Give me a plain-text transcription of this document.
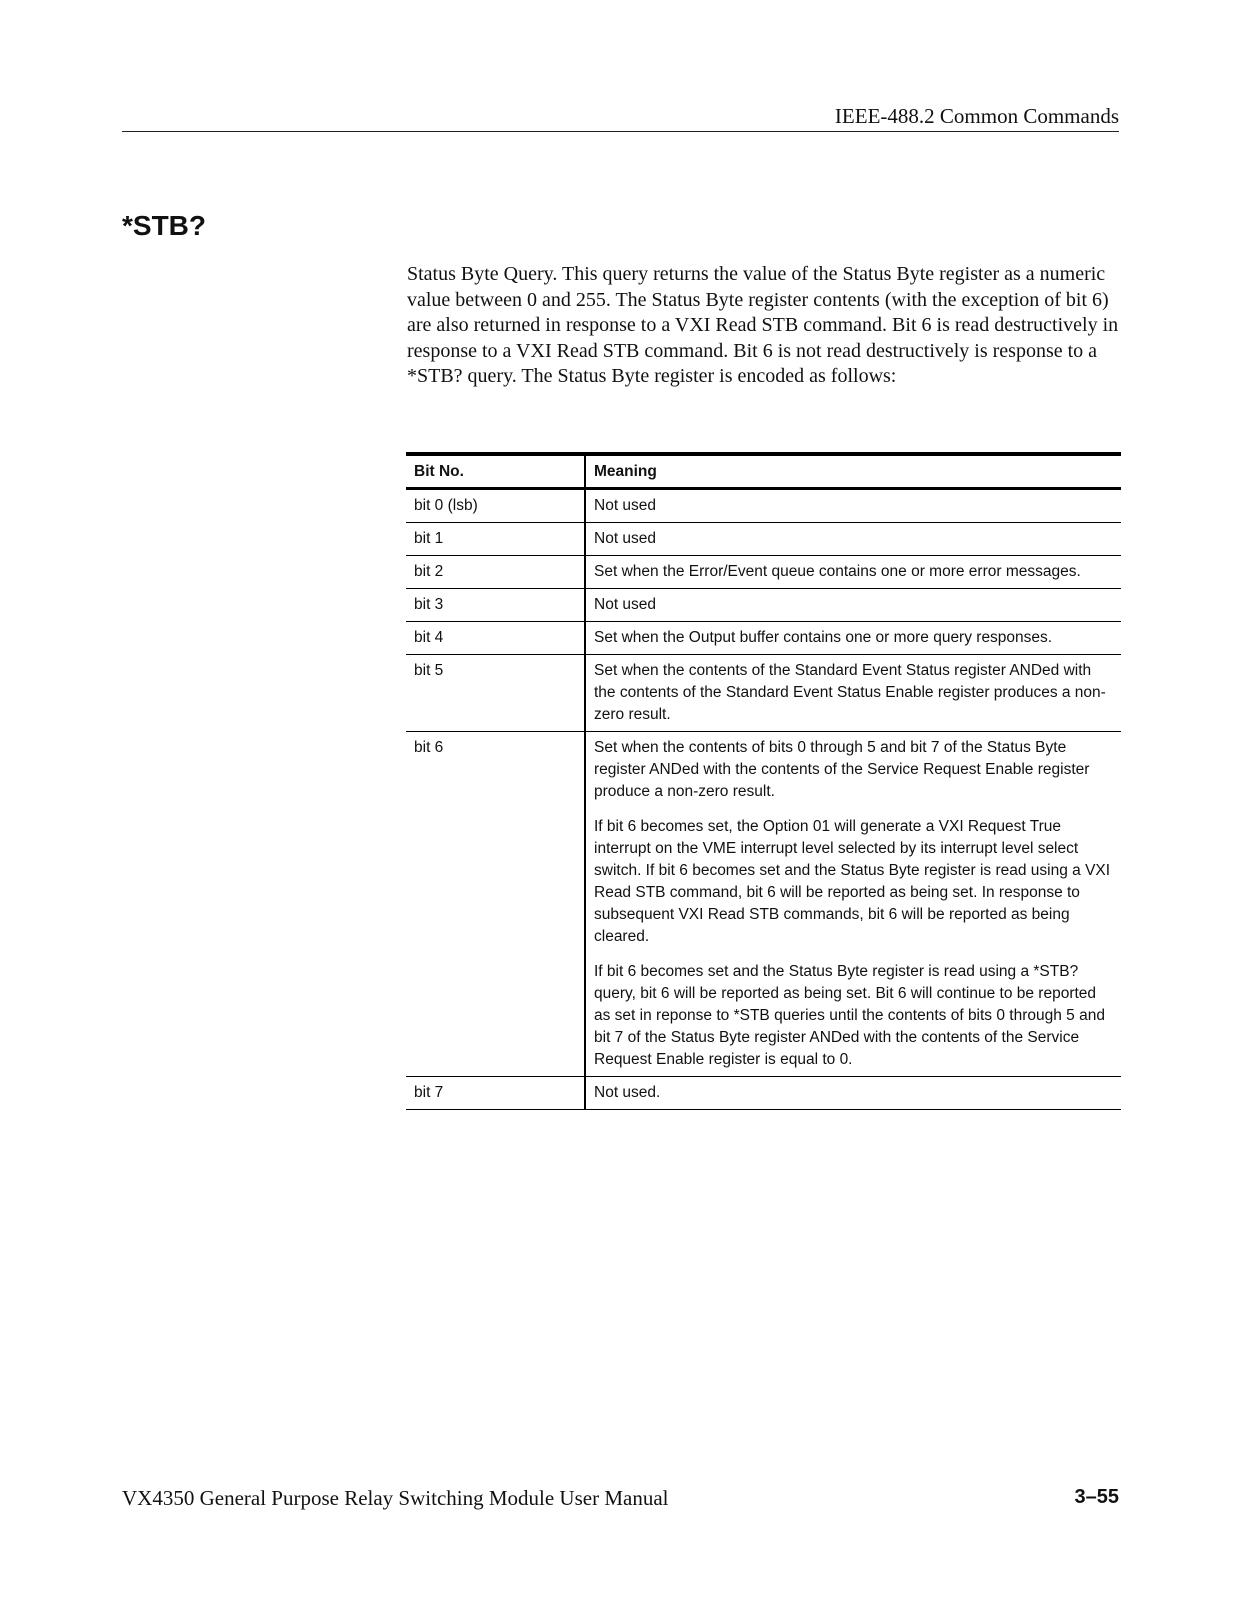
IEEE-488.2 Common Commands
*STB?

Status Byte Query. This query returns the value of the Status Byte register as a numeric value between 0 and 255. The Status Byte register contents (with the exception of bit 6) are also returned in response to a VXI Read STB command. Bit 6 is read destructively in response to a VXI Read STB command. Bit 6 is not read destructively is response to a *STB? query. The Status Byte register is encoded as follows:

Bit No.	Meaning
bit 0 (lsb)	Not used

bit 1	Not used

bit 2	Set when the Error/Event queue contains one or more error messages.

bit 3	Not used

bit 4	Set when the Output buffer contains one or more query responses.

bit 5	Set when the contents of the Standard Event Status register ANDed with the contents of the Standard Event Status Enable register produces a non-zero result.

bit 6	Set when the contents of bits 0 through 5 and bit 7 of the Status Byte register ANDed with the contents of the Service Request Enable register produce a non-zero result.

If bit 6 becomes set, the Option 01 will generate a VXI Request True interrupt on the VME interrupt level selected by its interrupt level select switch. If bit 6 becomes set and the Status Byte register is read using a VXI Read STB command, bit 6 will be reported as being set. In response to subsequent VXI Read STB commands, bit 6 will be reported as being cleared.

If bit 6 becomes set and the Status Byte register is read using a *STB? query, bit 6 will be reported as being set. Bit 6 will continue to be reported as set in reponse to *STB queries until the contents of bits 0 through 5 and bit 7 of the Status Byte register ANDed with the contents of the Service Request Enable register is equal to 0.

bit 7	Not used.

VX4350 General Purpose Relay Switching Module User Manual	3–55
